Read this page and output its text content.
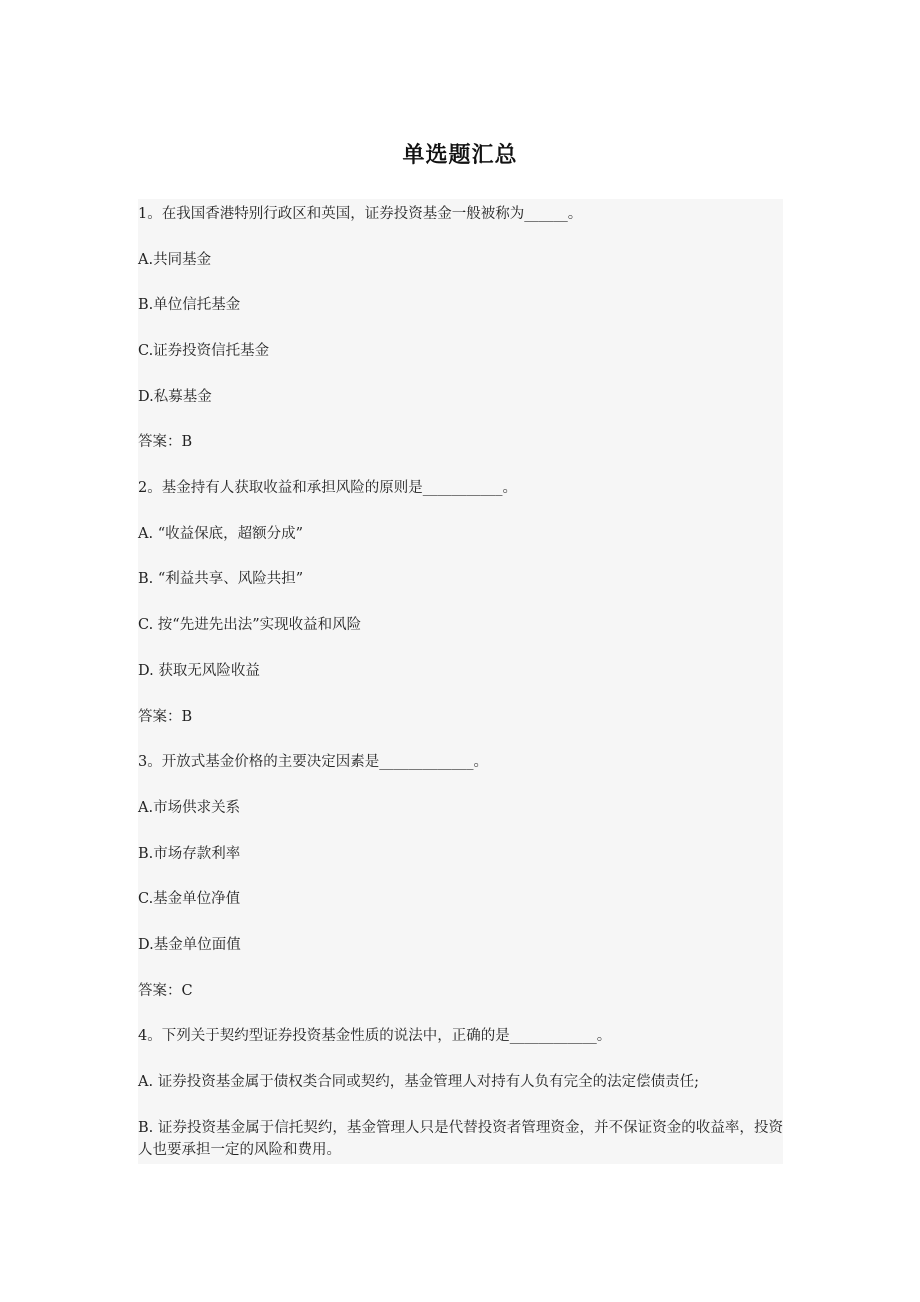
单选题汇总
1。在我国香港特别行政区和英国，证券投资基金一般被称为______。
A.共同基金
B.单位信托基金
C.证券投资信托基金
D.私募基金
答案：B
2。基金持有人获取收益和承担风险的原则是___________。
A. “收益保底，超额分成”
B. “利益共享、风险共担”
C. 按“先进先出法”实现收益和风险
D. 获取无风险收益
答案：B
3。开放式基金价格的主要决定因素是_____________。
A.市场供求关系
B.市场存款利率
C.基金单位净值
D.基金单位面值
答案：C
4。下列关于契约型证券投资基金性质的说法中，正确的是____________。
A. 证券投资基金属于债权类合同或契约，基金管理人对持有人负有完全的法定偿债责任;
B. 证券投资基金属于信托契约，基金管理人只是代替投资者管理资金，并不保证资金的收益率，投资人也要承担一定的风险和费用。
